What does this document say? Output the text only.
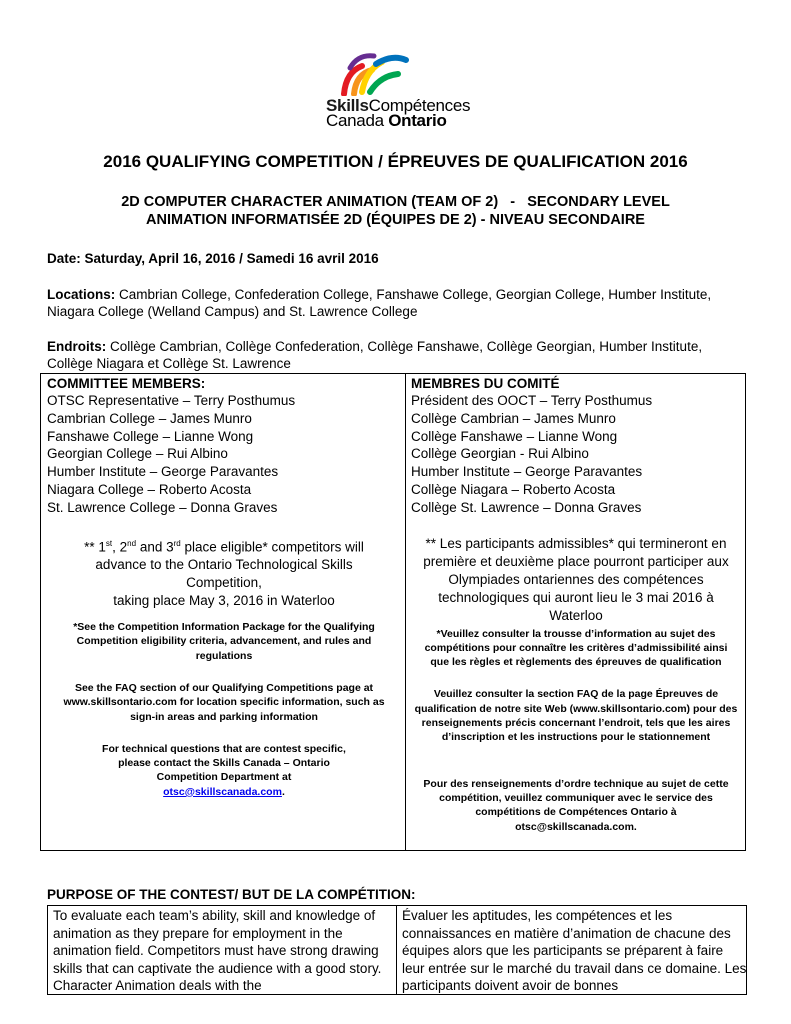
SkillsCompétences
Canada Ontario
2016 QUALIFYING COMPETITION / ÉPREUVES DE QUALIFICATION 2016
2D COMPUTER CHARACTER ANIMATION (TEAM OF 2)   -   SECONDARY LEVEL
ANIMATION INFORMATISÉE 2D (ÉQUIPES DE 2) - NIVEAU SECONDAIRE
Date: Saturday, April 16, 2016 / Samedi 16 avril 2016
Locations: Cambrian College, Confederation College, Fanshawe College, Georgian College, Humber Institute, Niagara College (Welland Campus) and St. Lawrence College
Endroits: Collège Cambrian, Collège Confederation, Collège Fanshawe, Collège Georgian, Humber Institute, Collège Niagara et Collège St. Lawrence
COMMITTEE MEMBERS:
OTSC Representative – Terry Posthumus
Cambrian College – James Munro
Fanshawe College – Lianne Wong
Georgian College – Rui Albino
Humber Institute – George Paravantes
Niagara College – Roberto Acosta
St. Lawrence College – Donna Graves
** 1st, 2nd and 3rd place eligible* competitors will advance to the Ontario Technological Skills Competition,
taking place May 3, 2016 in Waterloo
*See the Competition Information Package for the Qualifying Competition eligibility criteria, advancement, and rules and regulations
See the FAQ section of our Qualifying Competitions page at www.skillsontario.com for location specific information, such as sign-in areas and parking information
For technical questions that are contest specific, please contact the Skills Canada – Ontario Competition Department at
otsc@skillscanada.com.
MEMBRES DU COMITÉ
Président des OOCT – Terry Posthumus
Collège Cambrian – James Munro
Collège Fanshawe – Lianne Wong
Collège Georgian - Rui Albino
Humber Institute – George Paravantes
Collège Niagara – Roberto Acosta
Collège St. Lawrence – Donna Graves
** Les participants admissibles* qui termineront en première et deuxième place pourront participer aux Olympiades ontariennes des compétences technologiques qui auront lieu le 3 mai 2016 à Waterloo
*Veuillez consulter la trousse d’information au sujet des compétitions pour connaître les critères d’admissibilité ainsi que les règles et règlements des épreuves de qualification
Veuillez consulter la section FAQ de la page Épreuves de qualification de notre site Web (www.skillsontario.com) pour des renseignements précis concernant l’endroit, tels que les aires d’inscription et les instructions pour le stationnement
Pour des renseignements d’ordre technique au sujet de cette compétition, veuillez communiquer avec le service des compétitions de Compétences Ontario à otsc@skillscanada.com.
PURPOSE OF THE CONTEST/ BUT DE LA COMPÉTITION:
To evaluate each team’s ability, skill and knowledge of animation as they prepare for employment in the animation field. Competitors must have strong drawing skills that can captivate the audience with a good story. Character Animation deals with the
Évaluer les aptitudes, les compétences et les connaissances en matière d’animation de chacune des équipes alors que les participants se préparent à faire leur entrée sur le marché du travail dans ce domaine. Les participants doivent avoir de bonnes
